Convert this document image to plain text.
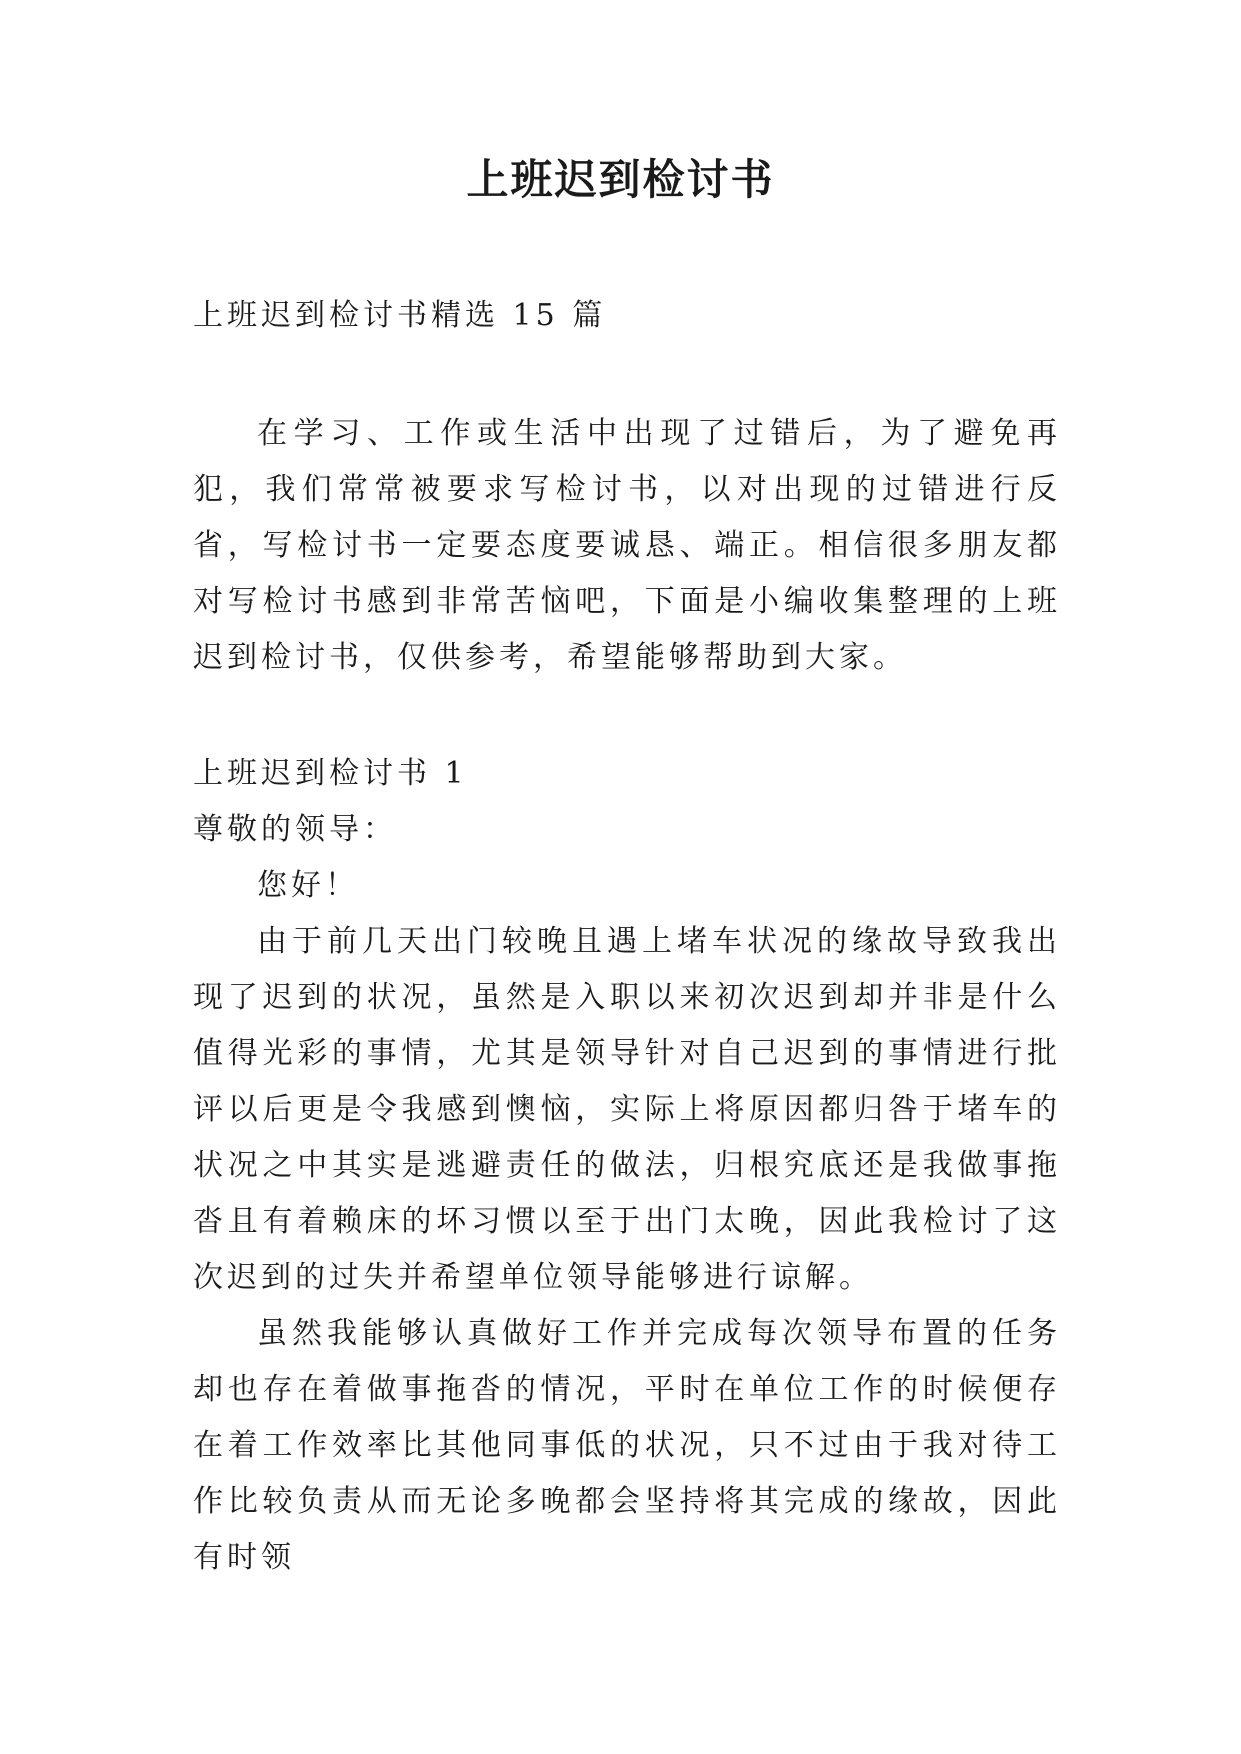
上班迟到检讨书

上班迟到检讨书精选 15 篇

在学习、工作或生活中出现了过错后，为了避免再犯，我们常常被要求写检讨书，以对出现的过错进行反省，写检讨书一定要态度要诚恳、端正。相信很多朋友都对写检讨书感到非常苦恼吧，下面是小编收集整理的上班迟到检讨书，仅供参考，希望能够帮助到大家。

上班迟到检讨书 1

尊敬的领导：

您好！

由于前几天出门较晚且遇上堵车状况的缘故导致我出现了迟到的状况，虽然是入职以来初次迟到却并非是什么值得光彩的事情，尤其是领导针对自己迟到的事情进行批评以后更是令我感到懊恼，实际上将原因都归咎于堵车的状况之中其实是逃避责任的做法，归根究底还是我做事拖沓且有着赖床的坏习惯以至于出门太晚，因此我检讨了这次迟到的过失并希望单位领导能够进行谅解。

虽然我能够认真做好工作并完成每次领导布置的任务却也存在着做事拖沓的情况，平时在单位工作的时候便存在着工作效率比其他同事低的状况，只不过由于我对待工作比较负责从而无论多晚都会坚持将其完成的缘故，因此有时领
